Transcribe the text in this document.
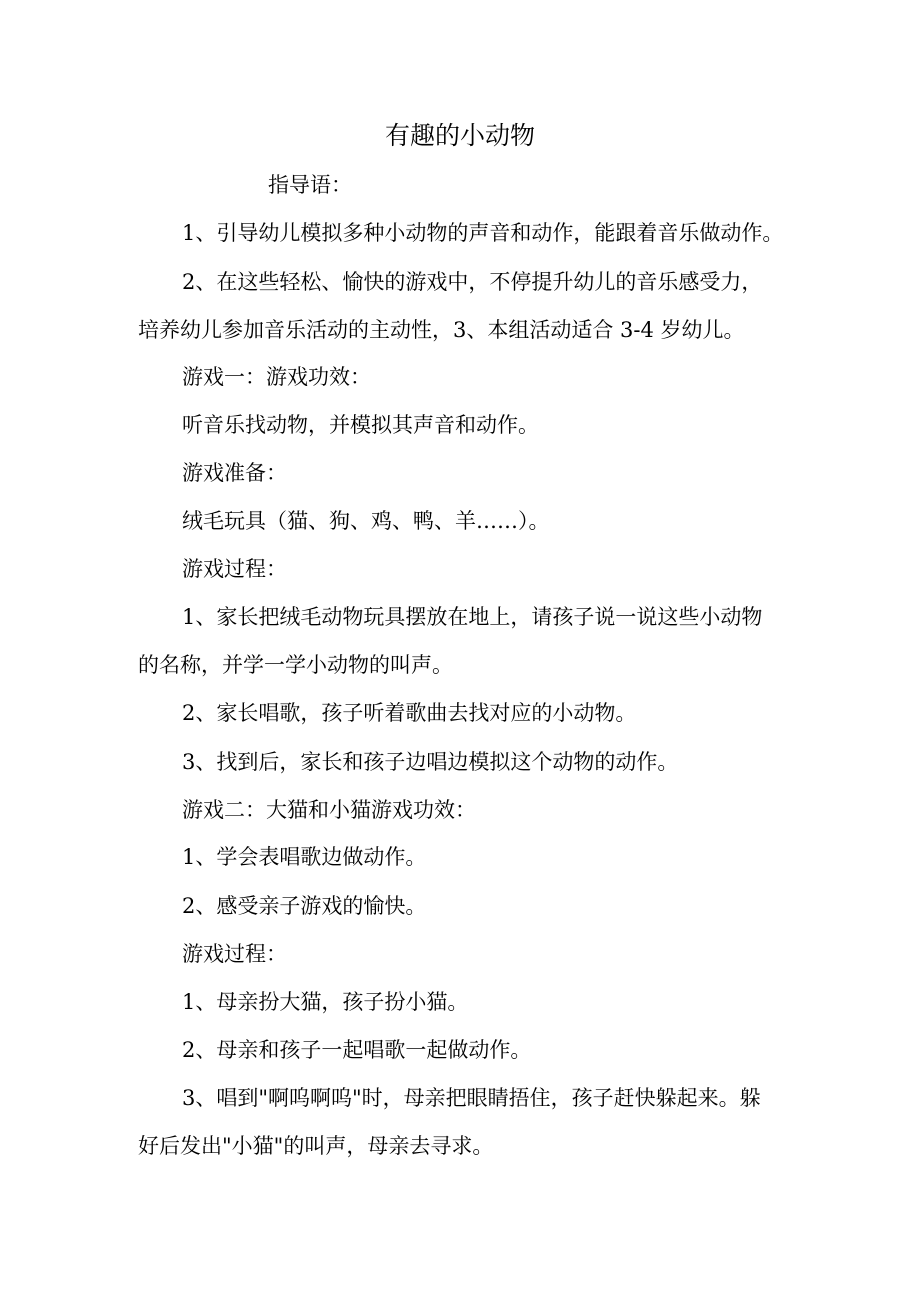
有趣的小动物
指导语：
1、引导幼儿模拟多种小动物的声音和动作，能跟着音乐做动作。
2、在这些轻松、愉快的游戏中，不停提升幼儿的音乐感受力，
培养幼儿参加音乐活动的主动性，3、本组活动适合 3-4 岁幼儿。
游戏一：游戏功效：
听音乐找动物，并模拟其声音和动作。
游戏准备：
绒毛玩具（猫、狗、鸡、鸭、羊……）。
游戏过程：
1、家长把绒毛动物玩具摆放在地上，请孩子说一说这些小动物
的名称，并学一学小动物的叫声。
2、家长唱歌，孩子听着歌曲去找对应的小动物。
3、找到后，家长和孩子边唱边模拟这个动物的动作。
游戏二：大猫和小猫游戏功效：
1、学会表唱歌边做动作。
2、感受亲子游戏的愉快。
游戏过程：
1、母亲扮大猫，孩子扮小猫。
2、母亲和孩子一起唱歌一起做动作。
3、唱到"啊呜啊呜"时，母亲把眼睛捂住，孩子赶快躲起来。躲
好后发出"小猫"的叫声，母亲去寻求。
